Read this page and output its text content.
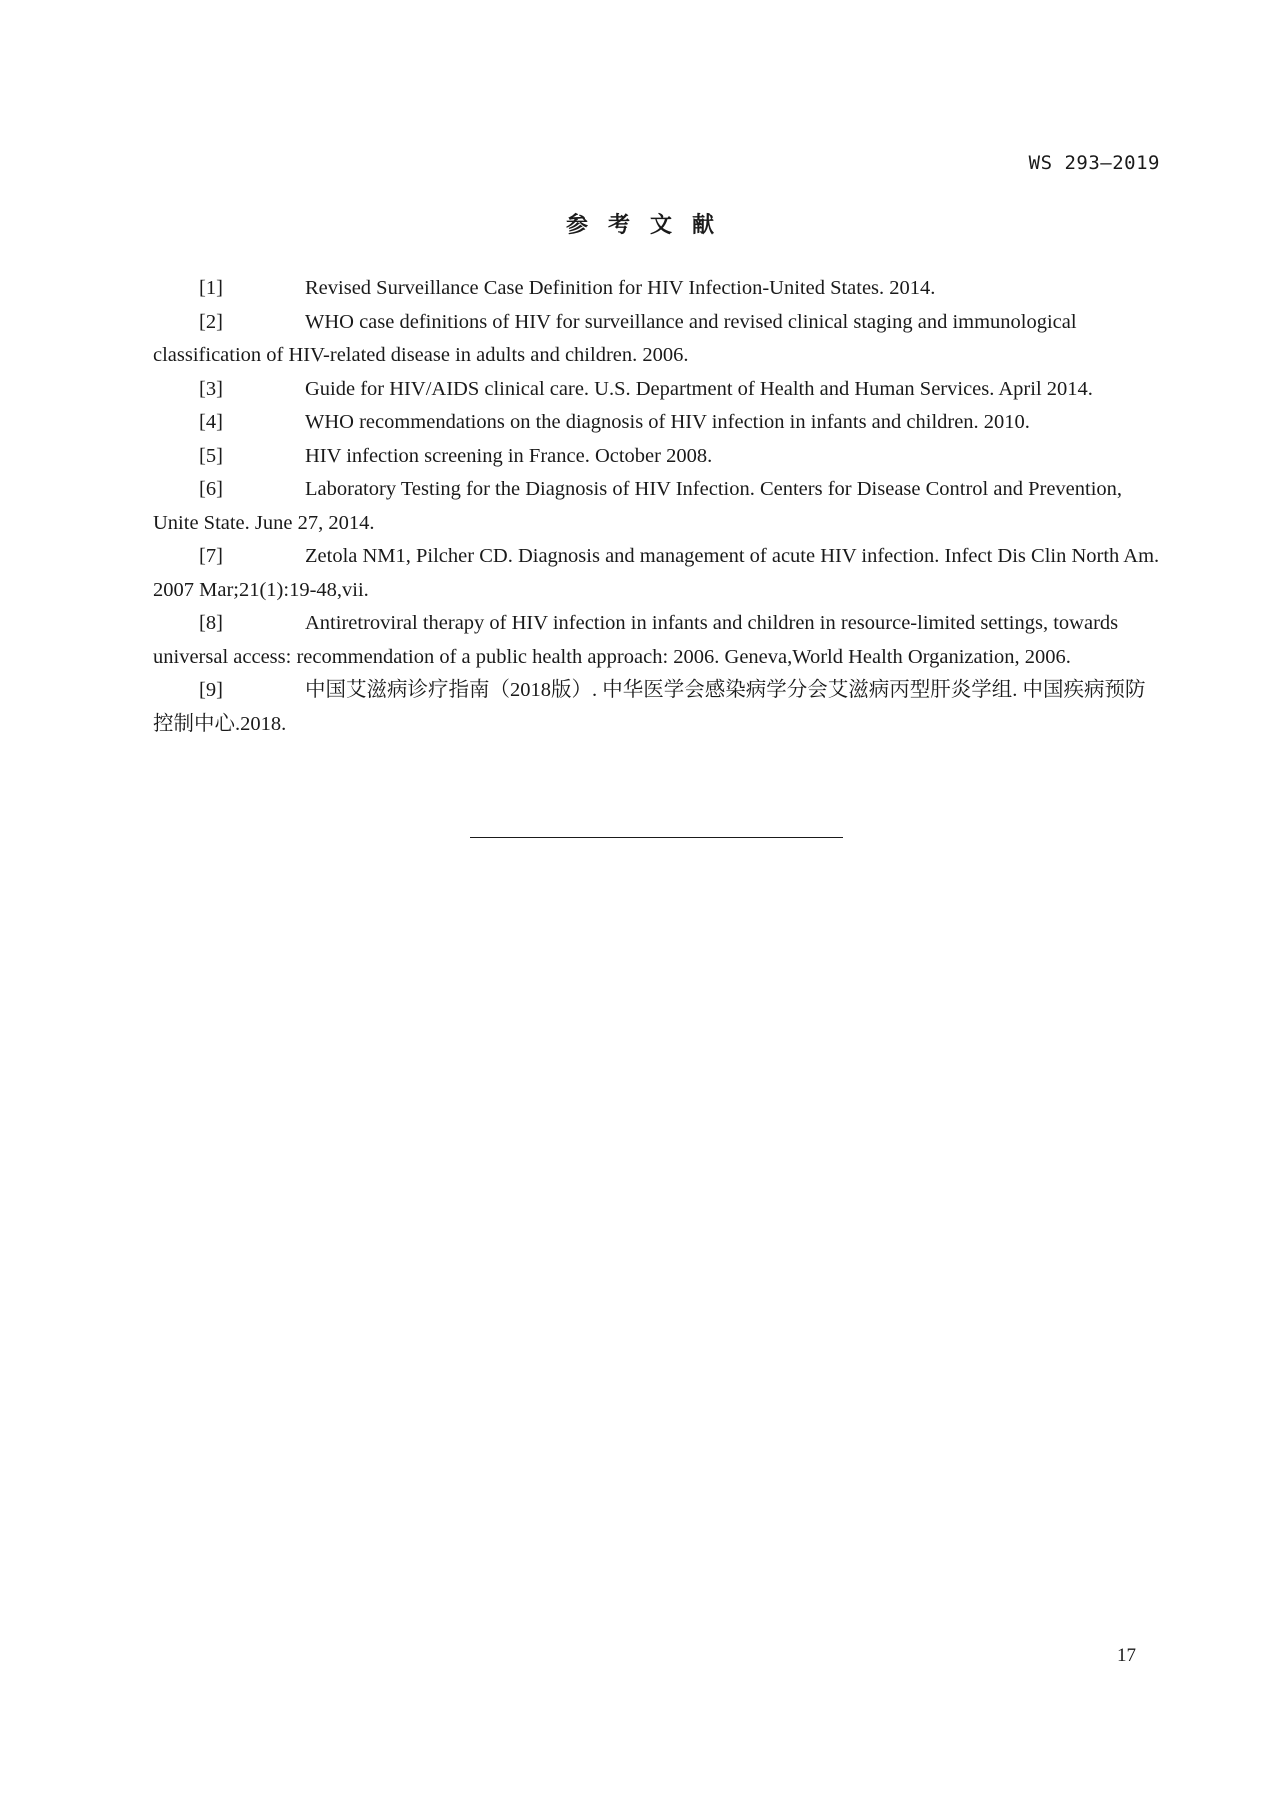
WS 293—2019
参考文献

[1]	Revised Surveillance Case Definition for HIV Infection-United States. 2014.

[2]	WHO case definitions of HIV for surveillance and revised clinical staging and immunological classification of HIV-related disease in adults and children. 2006.

[3]	Guide for HIV/AIDS clinical care. U.S. Department of Health and Human Services. April 2014.

[4]	WHO recommendations on the diagnosis of HIV infection in infants and children. 2010.

[5]	HIV infection screening in France. October 2008.

[6]	Laboratory Testing for the Diagnosis of HIV Infection. Centers for Disease Control and Prevention, Unite State. June 27, 2014.

[7]	Zetola NM1, Pilcher CD. Diagnosis and management of acute HIV infection. Infect Dis Clin North Am. 2007 Mar;21(1):19-48,vii.

[8]	Antiretroviral therapy of HIV infection in infants and children in resource-limited settings, towards universal access: recommendation of a public health approach: 2006. Geneva,World Health Organization, 2006.

[9]	中国艾滋病诊疗指南（2018版）. 中华医学会感染病学分会艾滋病丙型肝炎学组. 中国疾病预防控制中心.2018.

17
